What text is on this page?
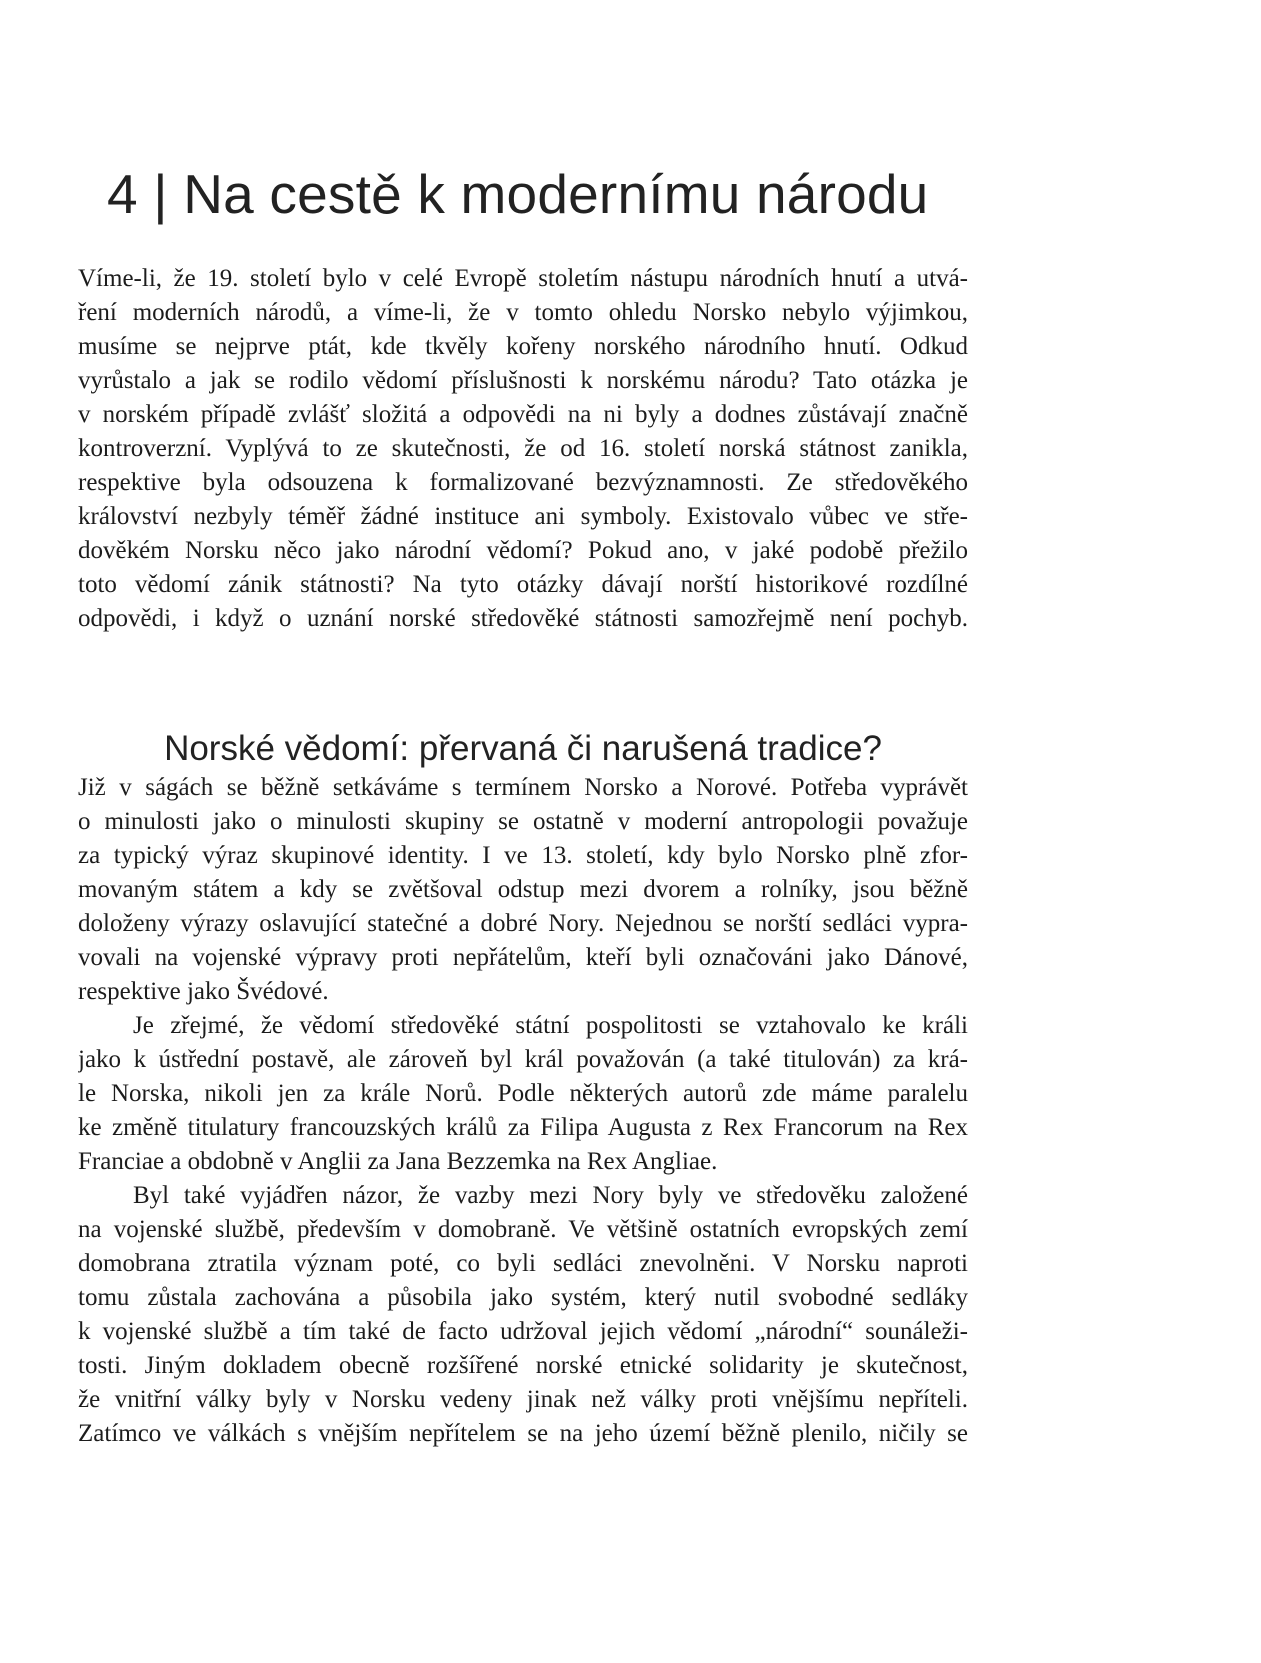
4 | Na cestě k modernímu národu
Víme-li, že 19. století bylo v celé Evropě stoletím nástupu národních hnutí a utvá-
ření moderních národů, a víme-li, že v tomto ohledu Norsko nebylo výjimkou,
musíme se nejprve ptát, kde tkvěly kořeny norského národního hnutí. Odkud
vyrůstalo a jak se rodilo vědomí příslušnosti k norskému národu? Tato otázka je
v norském případě zvlášť složitá a odpovědi na ni byly a dodnes zůstávají značně
kontroverzní. Vyplývá to ze skutečnosti, že od 16. století norská státnost zanikla,
respektive byla odsouzena k formalizované bezvýznamnosti. Ze středověkého
království nezbyly téměř žádné instituce ani symboly. Existovalo vůbec ve stře-
dověkém Norsku něco jako národní vědomí? Pokud ano, v jaké podobě přežilo
toto vědomí zánik státnosti? Na tyto otázky dávají norští historikové rozdílné
odpovědi, i když o uznání norské středověké státnosti samozřejmě není pochyb.
Norské vědomí: přervaná či narušená tradice?
Již v ságách se běžně setkáváme s termínem Norsko a Norové. Potřeba vyprávět
o minulosti jako o minulosti skupiny se ostatně v moderní antropologii považuje
za typický výraz skupinové identity. I ve 13. století, kdy bylo Norsko plně zfor-
movaným státem a kdy se zvětšoval odstup mezi dvorem a rolníky, jsou běžně
doloženy výrazy oslavující statečné a dobré Nory. Nejednou se norští sedláci vypra-
vovali na vojenské výpravy proti nepřátelům, kteří byli označováni jako Dánové,
respektive jako Švédové.
Je zřejmé, že vědomí středověké státní pospolitosti se vztahovalo ke králi
jako k ústřední postavě, ale zároveň byl král považován (a také titulován) za krá-
le Norska, nikoli jen za krále Norů. Podle některých autorů zde máme paralelu
ke změně titulatury francouzských králů za Filipa Augusta z Rex Francorum na Rex
Franciae a obdobně v Anglii za Jana Bezzemka na Rex Angliae.
Byl také vyjádřen názor, že vazby mezi Nory byly ve středověku založené
na vojenské službě, především v domobraně. Ve většině ostatních evropských zemí
domobrana ztratila význam poté, co byli sedláci znevolněni. V Norsku naproti
tomu zůstala zachována a působila jako systém, který nutil svobodné sedláky
k vojenské službě a tím také de facto udržoval jejich vědomí „národní“ sounáleži-
tosti. Jiným dokladem obecně rozšířené norské etnické solidarity je skutečnost,
že vnitřní války byly v Norsku vedeny jinak než války proti vnějšímu nepříteli.
Zatímco ve válkách s vnějším nepřítelem se na jeho území běžně plenilo, ničily se
